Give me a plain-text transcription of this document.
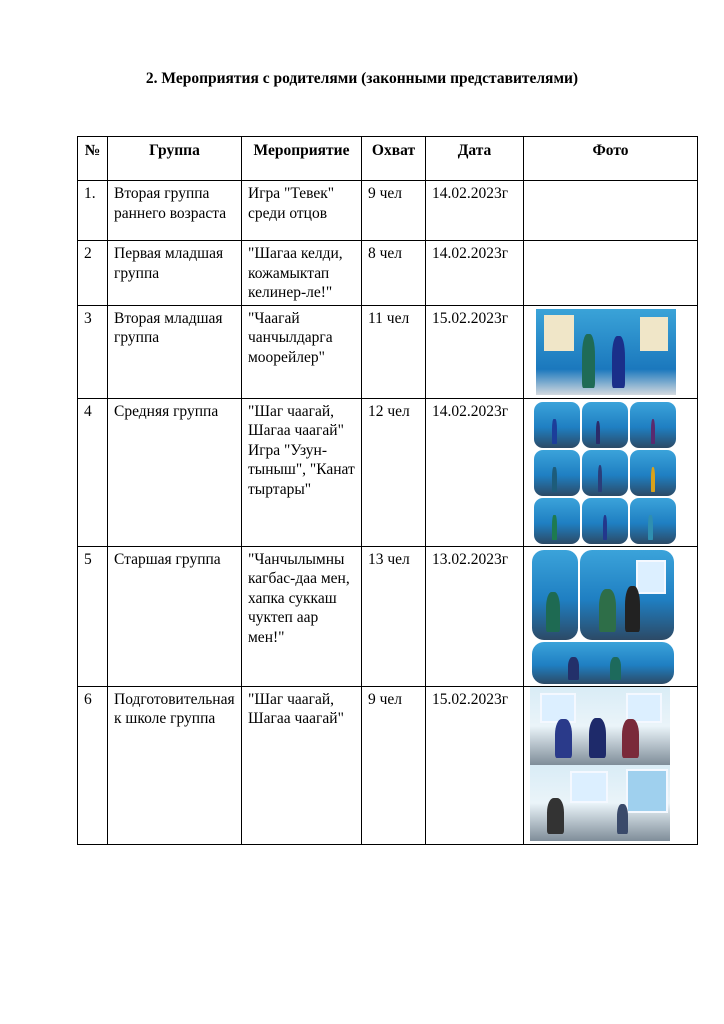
2. Мероприятия с родителями (законными представителями)
№	Группа	Мероприятие	Охват	Дата	Фото
1.	Вторая группа раннего возраста	Игра "Тевек" среди отцов	9 чел	14.02.2023г	
2	Первая младшая группа	"Шагаа келди, кожамыктап келинер-ле!"	8 чел	14.02.2023г	
3	Вторая младшая группа	"Чаагай чанчылдарга моорейлер"	11 чел	15.02.2023г	

4	Средняя группа	"Шаг чаагай, Шагаа чаагай" Игра "Узун-тыныш", "Канат тыртары"	12 чел	14.02.2023г	

5	Старшая группа	"Чанчылымны кагбас-даа мен, хапка суккаш чуктеп аар мен!"	13 чел	13.02.2023г	

6	Подготовительная к школе группа	"Шаг чаагай, Шагаа чаагай"	9 чел	15.02.2023г	
